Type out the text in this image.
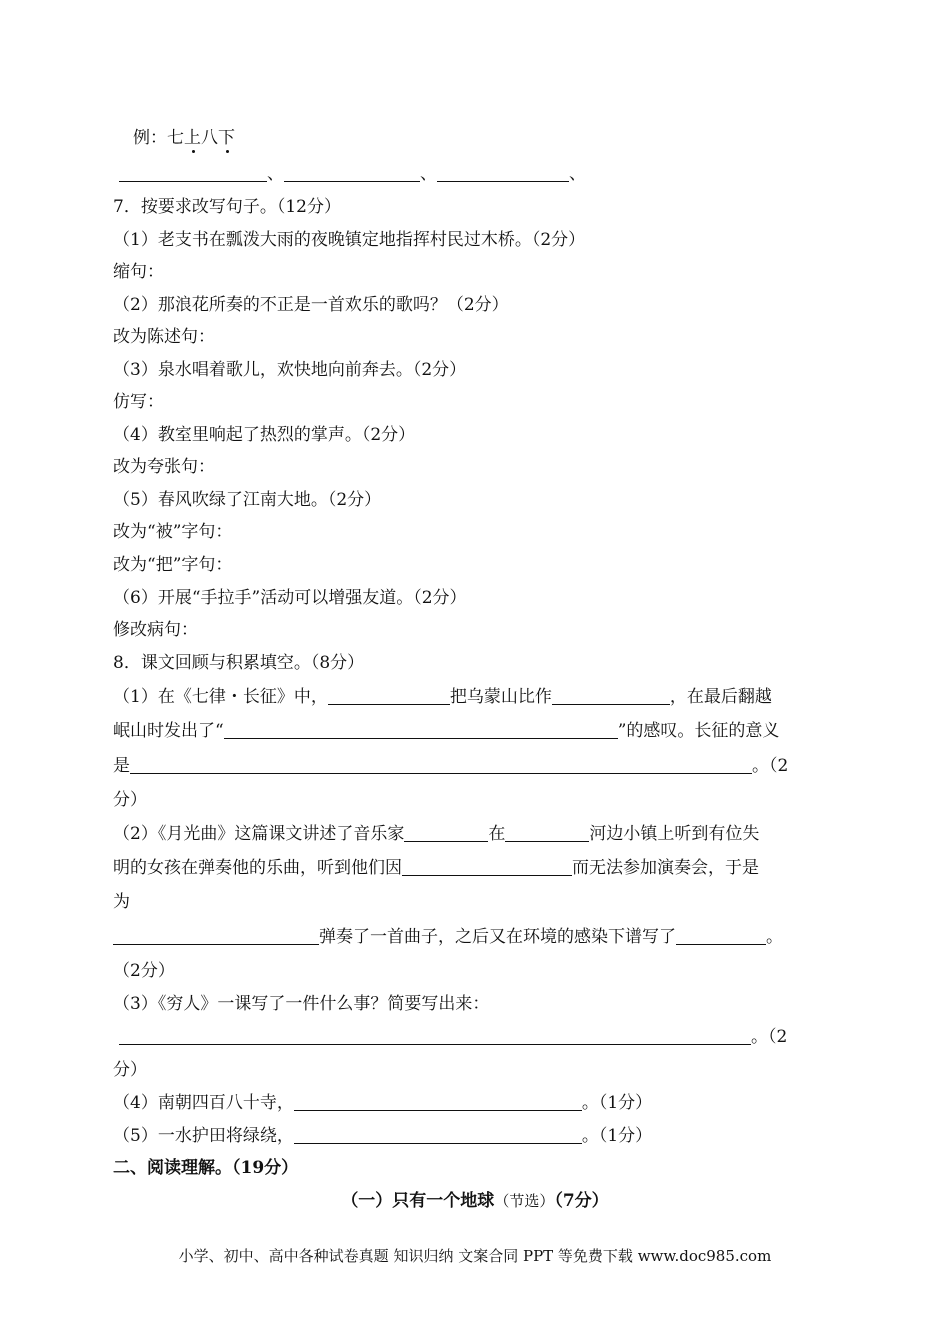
例：七上八下
、	、	、
7．按要求改写句子。（12分）
（1）老支书在瓢泼大雨的夜晚镇定地指挥村民过木桥。（2分）
缩句：
（2）那浪花所奏的不正是一首欢乐的歌吗？（2分）
改为陈述句：
（3）泉水唱着歌儿，欢快地向前奔去。（2分）
仿写：
（4）教室里响起了热烈的掌声。（2分）
改为夸张句：
（5）春风吹绿了江南大地。（2分）
改为“被”字句：
改为“把”字句：
（6）开展“手拉手”活动可以增强友道。（2分）
修改病句：
8．课文回顾与积累填空。（8分）
（1）在《七律・长征》中，	把乌蒙山比作	，在最后翻越
岷山时发出了“	”的感叹。长征的意义
是	。（2
分）
（2）《月光曲》这篇课文讲述了音乐家	在	河边小镇上听到有位失
明的女孩在弹奏他的乐曲，听到他们因	而无法参加演奏会，于是
为
弹奏了一首曲子，之后又在环境的感染下谱写了	。
（2分）
（3）《穷人》一课写了一件什么事？简要写出来：
。（2
分）
（4）南朝四百八十寺，	。（1分）
（5）一水护田将绿绕，	。（1分）
二、阅读理解。（19分）
（一）只有一个地球（节选）（7分）
小学、初中、高中各种试卷真题 知识归纳 文案合同 PPT 等免费下载 www.doc985.com
